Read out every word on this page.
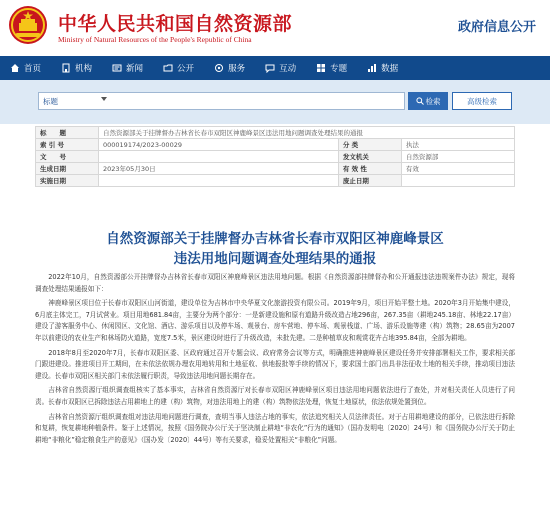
中华人民共和国自然资源部
Ministry of Natural Resources of the People's Republic of China
政府信息公开
首页	机构	新闻	公开	服务	互动	专题	数据
标题	检索	高级检索
标　　题	自然资源部关于挂牌督办吉林省长春市双阳区神鹿峰景区违法用地问题调查处理结果的通报		
索 引 号	000019174/2023-00029	分 类	执法
文　　号		发文机关	自然资源部
生成日期	2023年05月30日	有 效 性	有效
实施日期		废止日期	
自然资源部关于挂牌督办吉林省长春市双阳区神鹿峰景区
违法用地问题调查处理结果的通报

2022年10月，自然资源部公开挂牌督办吉林省长春市双阳区神鹿峰景区违法用地问题。根据《自然资源部挂牌督办和公开通报违法违规案件办法》规定，现将调查处理结果通报如下：

神鹿峰景区项目位于长春市双阳区山河街道，建设单位为吉林市中央华夏文化旅游投资有限公司。2019年9月，项目开始平整土地。2020年3月开始集中建设，6月底主体完工，7月试营业。项目用地681.84亩，主要分为两个部分：一是新建设施和原有道路升级改造占地296亩，267.35亩（耕地245.18亩、林地22.17亩）建设了游客服务中心、休闲园区、文化馆、酒店、游乐项目以及停车场、观景台、房车营地、停车场、观景栈道、广场、游乐设施等建（构）筑物；28.65亩为2007年以前建设的农业生产和林场防火道路，宽度7.5米，景区建设时进行了升级改造，未批先建。二是种植草皮和观赏花卉占地395.84亩，全部为耕地。

2018年8月至2020年7月，长春市双阳区委、区政府通过召开专题会议、政府常务会议等方式，明确推进神鹿峰景区建设任务并安排部署相关工作，要求相关部门跟进建设。推进项目开工期间，在未依法依规办理农用地转用和土地征收、供地报批等手续的情况下，要求国土部门出具非法征收土地的相关手续，推动项目违法建设。长春市双阳区相关部门未依法履行职责，导致违法用地问题长期存在。

吉林省自然资源厅组织调查组核实了基本事实，吉林省自然资源厅对长春市双阳区神鹿峰景区项目违法用地问题依法进行了查处，并对相关责任人员进行了问责。长春市双阳区已拆除违法占用耕地上的建（构）筑物，对违法用地上的建（构）筑物依法处理，恢复土地原状，依法依规处置到位。

吉林省自然资源厅组织调查组对违法用地问题进行调查，查明当事人违法占地的事实，依法追究相关人员法律责任。对于占用耕地建设的部分，已依法进行拆除和复耕，恢复耕地种植条件。鉴于上述情况，按照《国务院办公厅关于坚决制止耕地“非农化”行为的通知》（国办发明电〔2020〕24号）和《国务院办公厅关于防止耕地“非粮化”稳定粮食生产的意见》（国办发〔2020〕44号）等有关要求，稳妥处置相关“非粮化”问题。
